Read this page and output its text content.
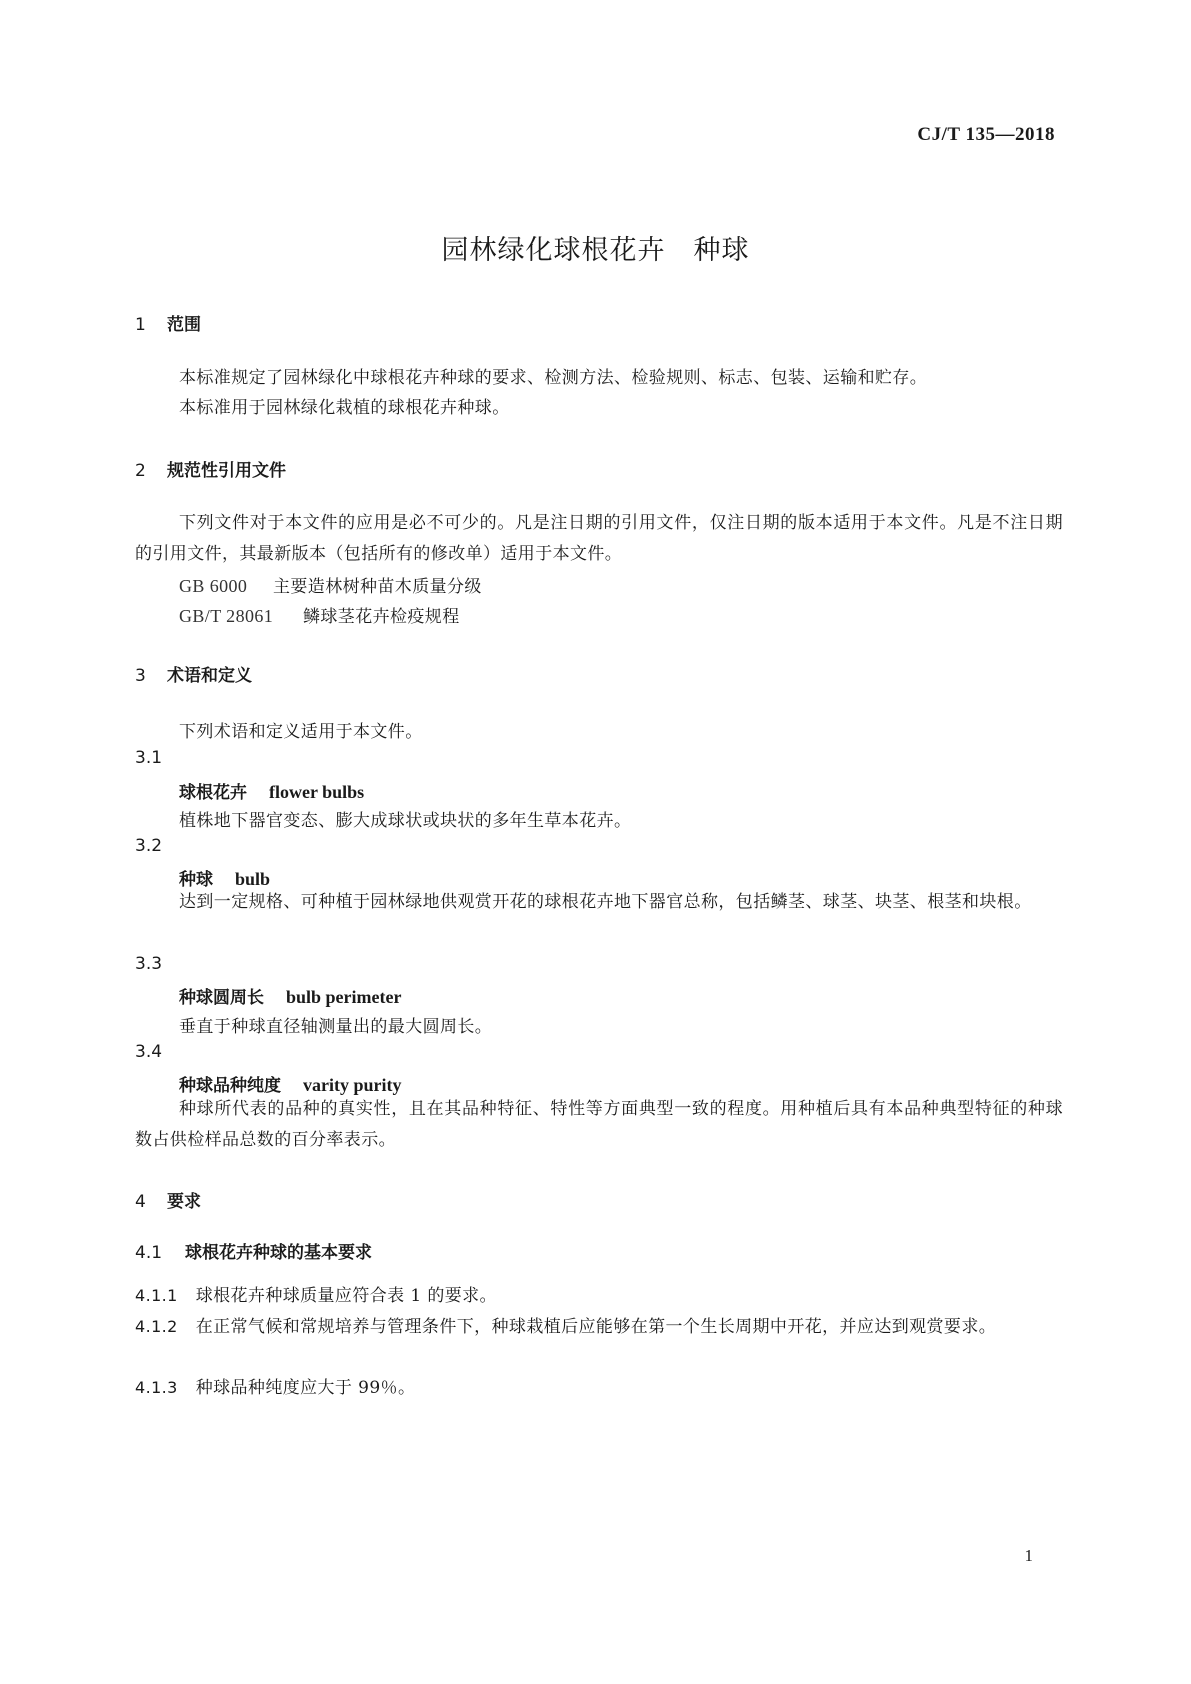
CJ/T 135—2018
园林绿化球根花卉　种球
1 范围
本标准规定了园林绿化中球根花卉种球的要求、检测方法、检验规则、标志、包装、运输和贮存。
本标准用于园林绿化栽植的球根花卉种球。
2 规范性引用文件
下列文件对于本文件的应用是必不可少的。凡是注日期的引用文件，仅注日期的版本适用于本文件。凡是不注日期的引用文件，其最新版本（包括所有的修改单）适用于本文件。
GB 6000 主要造林树种苗木质量分级
GB/T 28061 鳞球茎花卉检疫规程
3 术语和定义
下列术语和定义适用于本文件。
3.1
球根花卉 flower bulbs
植株地下器官变态、膨大成球状或块状的多年生草本花卉。
3.2
种球 bulb
达到一定规格、可种植于园林绿地供观赏开花的球根花卉地下器官总称，包括鳞茎、球茎、块茎、根茎和块根。
3.3
种球圆周长 bulb perimeter
垂直于种球直径轴测量出的最大圆周长。
3.4
种球品种纯度 varity purity
种球所代表的品种的真实性，且在其品种特征、特性等方面典型一致的程度。用种植后具有本品种典型特征的种球数占供检样品总数的百分率表示。
4 要求
4.1 球根花卉种球的基本要求
4.1.1 球根花卉种球质量应符合表 1 的要求。
4.1.2 在正常气候和常规培养与管理条件下，种球栽植后应能够在第一个生长周期中开花，并应达到观赏要求。
4.1.3 种球品种纯度应大于 99％。
1
